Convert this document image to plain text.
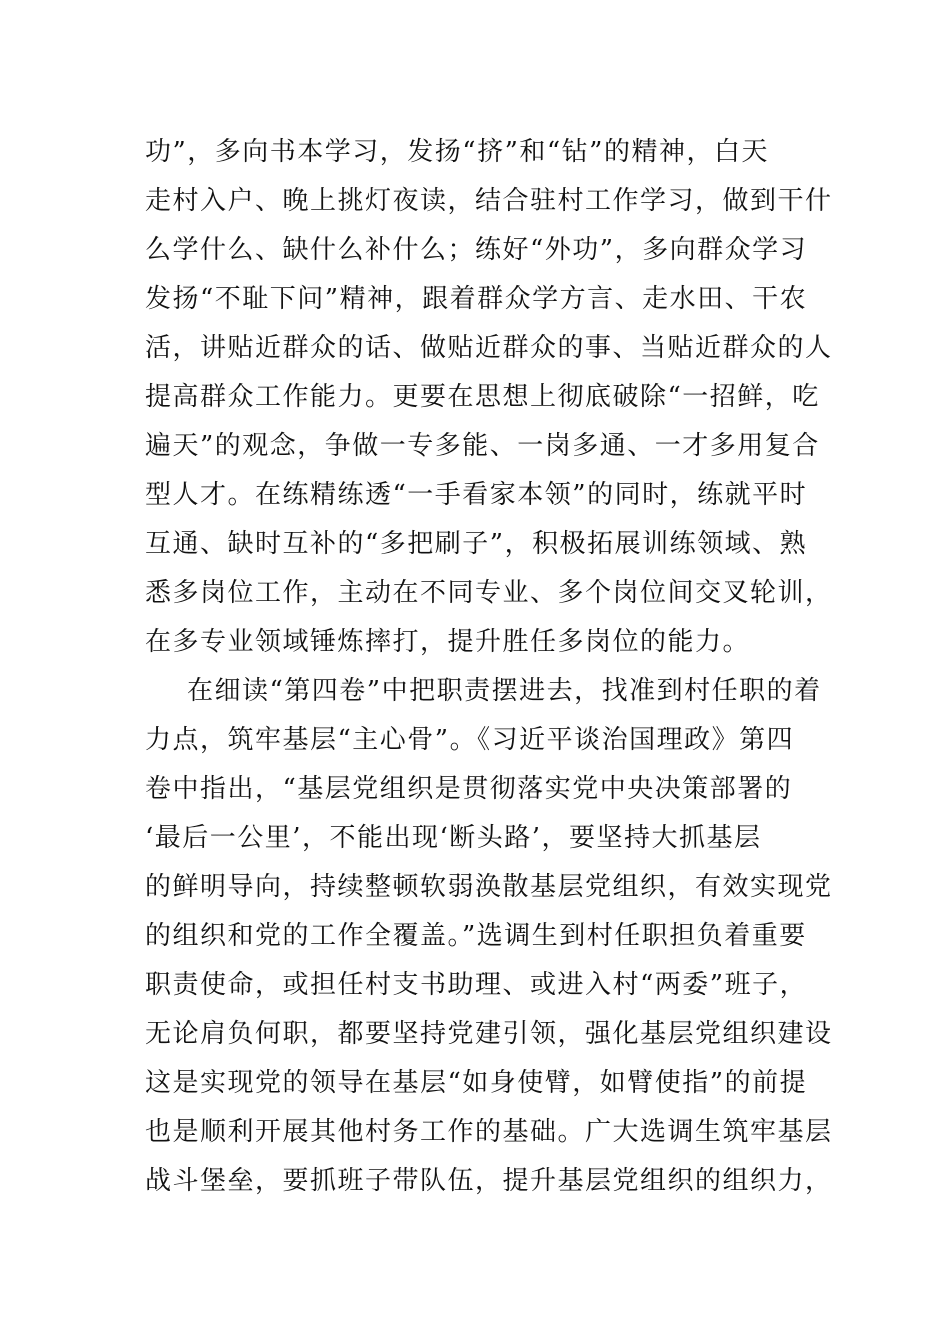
功”，多向书本学习，发扬“挤”和“钻”的精神，白天
走村入户、晚上挑灯夜读，结合驻村工作学习，做到干什
么学什么、缺什么补什么；练好“外功”，多向群众学习
发扬“不耻下问”精神，跟着群众学方言、走水田、干农
活，讲贴近群众的话、做贴近群众的事、当贴近群众的人
提高群众工作能力。更要在思想上彻底破除“一招鲜，吃
遍天”的观念，争做一专多能、一岗多通、一才多用复合
型人才。在练精练透“一手看家本领”的同时，练就平时
互通、缺时互补的“多把刷子”，积极拓展训练领域、熟
悉多岗位工作，主动在不同专业、多个岗位间交叉轮训，
在多专业领域锤炼摔打，提升胜任多岗位的能力。
在细读“第四卷”中把职责摆进去，找准到村任职的着
力点，筑牢基层“主心骨”。《习近平谈治国理政》第四
卷中指出，“基层党组织是贯彻落实党中央决策部署的
‘最后一公里’，不能出现‘断头路’，要坚持大抓基层
的鲜明导向，持续整顿软弱涣散基层党组织，有效实现党
的组织和党的工作全覆盖。”选调生到村任职担负着重要
职责使命，或担任村支书助理、或进入村“两委”班子，
无论肩负何职，都要坚持党建引领，强化基层党组织建设
这是实现党的领导在基层“如身使臂，如臂使指”的前提
也是顺利开展其他村务工作的基础。广大选调生筑牢基层
战斗堡垒，要抓班子带队伍，提升基层党组织的组织力，
